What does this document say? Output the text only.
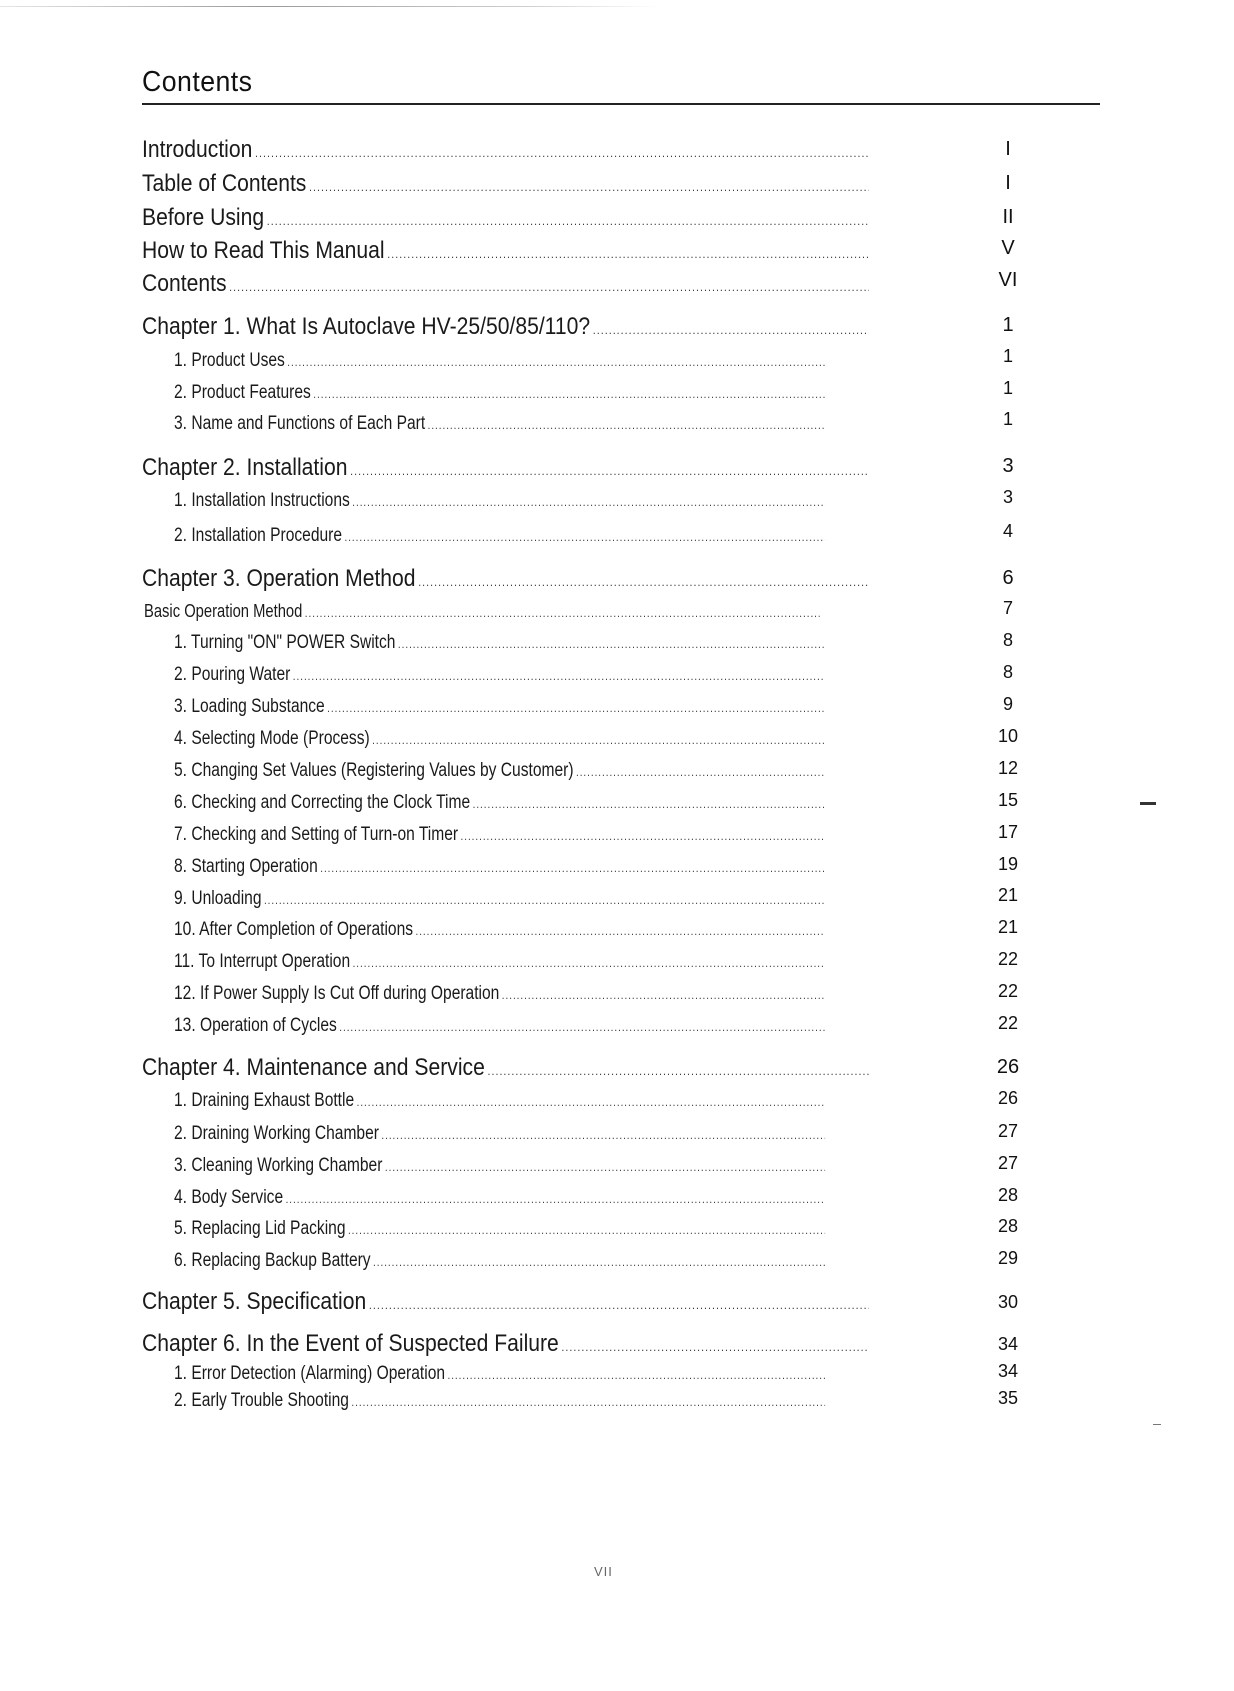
Contents
Introduction .....	I
Table of Contents .....	I
Before Using .....	II
How to Read This Manual .....	V
Contents .....	VI
Chapter 1. What Is Autoclave HV-25/50/85/110? .....	1
1. Product Uses .....	1
2. Product Features .....	1
3. Name and Functions of Each Part .....	1
Chapter 2. Installation .....	3
1. Installation Instructions .....	3
2. Installation Procedure .....	4
Chapter 3. Operation Method .....	6
Basic Operation Method .....	7
1. Turning "ON" POWER Switch .....	8
2. Pouring Water .....	8
3. Loading Substance .....	9
4. Selecting Mode (Process) .....	10
5. Changing Set Values (Registering Values by Customer) .....	12
6. Checking and Correcting the Clock Time .....	15
7. Checking and Setting of Turn-on Timer .....	17
8. Starting Operation .....	19
9. Unloading .....	21
10. After Completion of Operations .....	21
11. To Interrupt Operation .....	22
12. If Power Supply Is Cut Off during Operation .....	22
13. Operation of Cycles .....	22
Chapter 4. Maintenance and Service .....	26
1. Draining Exhaust Bottle .....	26
2. Draining Working Chamber .....	27
3. Cleaning Working Chamber .....	27
4. Body Service .....	28
5. Replacing Lid Packing .....	28
6. Replacing Backup Battery .....	29
Chapter 5. Specification .....	30
Chapter 6. In the Event of Suspected Failure .....	34
1. Error Detection (Alarming) Operation .....	34
2. Early Trouble Shooting .....	35
VII
